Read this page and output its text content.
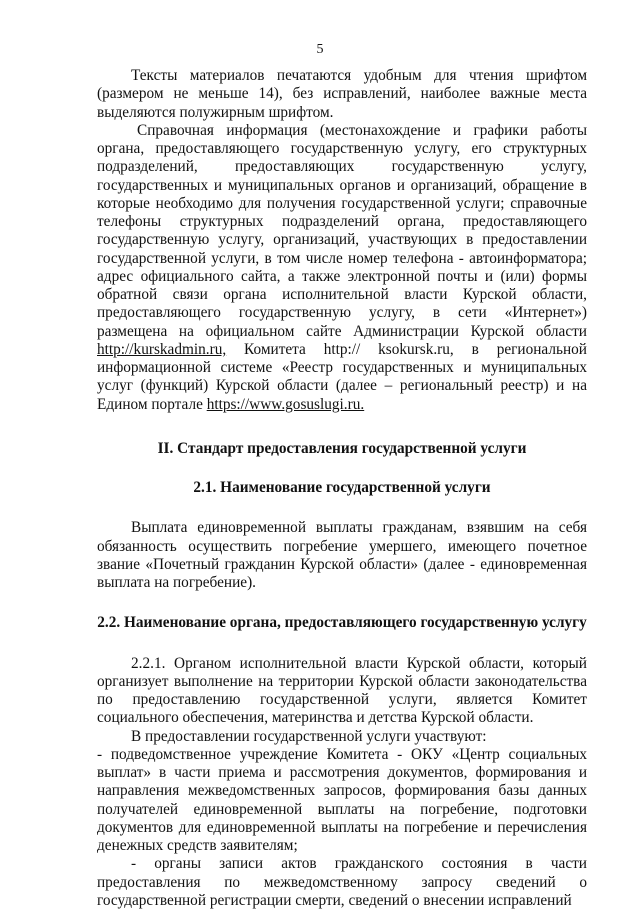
5

Тексты материалов печатаются удобным для чтения шрифтом (размером не меньше 14), без исправлений, наиболее важные места выделяются полужирным шрифтом.

Справочная информация (местонахождение и графики работы органа, предоставляющего государственную услугу, его структурных подразделений, предоставляющих государственную услугу, государственных и муниципальных органов и организаций, обращение в которые необходимо для получения государственной услуги; справочные телефоны структурных подразделений органа, предоставляющего государственную услугу, организаций, участвующих в предоставлении государственной услуги, в том числе номер телефона - автоинформатора; адрес официального сайта, а также электронной почты и (или) формы обратной связи органа исполнительной власти Курской области, предоставляющего государственную услугу, в сети «Интернет») размещена на официальном сайте Администрации Курской области http://kurskadmin.ru, Комитета http:// ksokursk.ru, в региональной информационной системе «Реестр государственных и муниципальных услуг (функций) Курской области (далее – региональный реестр) и на Едином портале https://www.gosuslugi.ru.

II. Стандарт предоставления государственной услуги

2.1. Наименование государственной услуги

Выплата единовременной выплаты гражданам, взявшим на себя обязанность осуществить погребение умершего, имеющего почетное звание «Почетный гражданин Курской области» (далее - единовременная выплата на погребение).

2.2. Наименование органа, предоставляющего государственную услугу

2.2.1. Органом исполнительной власти Курской области, который организует выполнение на территории Курской области законодательства по предоставлению государственной услуги, является Комитет социального обеспечения, материнства и детства Курской области.

В предоставлении государственной услуги участвуют:

- подведомственное учреждение Комитета - ОКУ «Центр социальных выплат» в части приема и рассмотрения документов, формирования и направления межведомственных запросов, формирования базы данных получателей единовременной выплаты на погребение, подготовки документов для единовременной выплаты на погребение и перечисления денежных средств заявителям;

- органы записи актов гражданского состояния в части предоставления по межведомственному запросу сведений о государственной регистрации смерти, сведений о внесении исправлений
